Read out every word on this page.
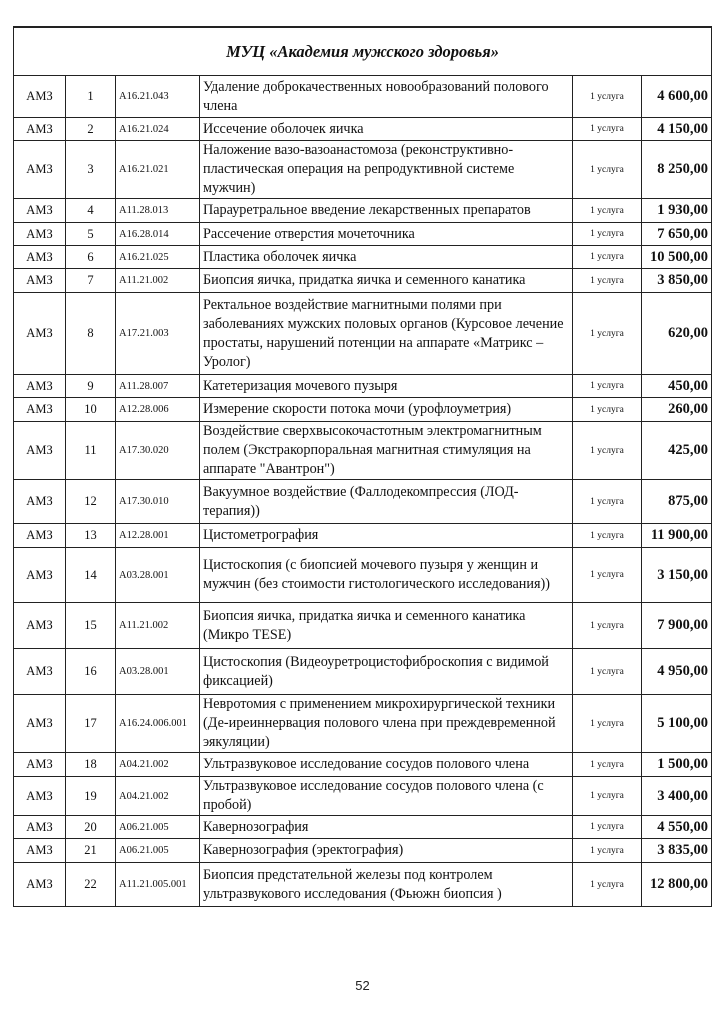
МУЦ «Академия мужского здоровья»					
АМЗ	1	A16.21.043	Удаление доброкачественных новообразований полового члена	1 услуга	4 600,00
АМЗ	2	A16.21.024	Иссечение оболочек яичка	1 услуга	4 150,00
АМЗ	3	A16.21.021	Наложение вазо-вазоанастомоза (реконструктивно-пластическая операция на репродуктивной системе мужчин)	1 услуга	8 250,00
АМЗ	4	A11.28.013	Парауретральное введение лекарственных препаратов	1 услуга	1 930,00
АМЗ	5	A16.28.014	Рассечение отверстия мочеточника	1 услуга	7 650,00
АМЗ	6	A16.21.025	Пластика оболочек яичка	1 услуга	10 500,00
АМЗ	7	A11.21.002	Биопсия яичка, придатка яичка и семенного канатика	1 услуга	3 850,00
АМЗ	8	A17.21.003	Ректальное воздействие магнитными полями при заболеваниях мужских половых органов (Курсовое лечение простаты, нарушений потенции на аппарате «Матрикс – Уролог)	1 услуга	620,00
АМЗ	9	A11.28.007	Катетеризация мочевого пузыря	1 услуга	450,00
АМЗ	10	A12.28.006	Измерение скорости потока мочи (урофлоуметрия)	1 услуга	260,00
АМЗ	11	A17.30.020	Воздействие сверхвысокочастотным электромагнитным полем (Экстракорпоральная магнитная стимуляция на аппарате "Авантрон")	1 услуга	425,00
АМЗ	12	A17.30.010	Вакуумное воздействие (Фаллодекомпрессия (ЛОД-терапия))	1 услуга	875,00
АМЗ	13	A12.28.001	Цистометрография	1 услуга	11 900,00
АМЗ	14	A03.28.001	Цистоскопия (с биопсией мочевого пузыря у женщин и мужчин (без стоимости гистологического исследования))	1 услуга	3 150,00
АМЗ	15	A11.21.002	Биопсия яичка, придатка яичка и семенного канатика (Микро TESE)	1 услуга	7 900,00
АМЗ	16	A03.28.001	Цистоскопия (Видеоуретроцистофиброскопия с видимой фиксацией)	1 услуга	4 950,00
АМЗ	17	A16.24.006.001	Невротомия с применением микрохирургической техники (Де-иреиннервация полового члена при преждевременной эякуляции)	1 услуга	5 100,00
АМЗ	18	A04.21.002	Ультразвуковое исследование сосудов полового члена	1 услуга	1 500,00
АМЗ	19	A04.21.002	Ультразвуковое исследование сосудов полового члена (с пробой)	1 услуга	3 400,00
АМЗ	20	A06.21.005	Кавернозография	1 услуга	4 550,00
АМЗ	21	A06.21.005	Кавернозография (эректография)	1 услуга	3 835,00
АМЗ	22	A11.21.005.001	Биопсия предстательной железы под контролем ультразвукового исследования (Фьюжн биопсия )	1 услуга	12 800,00
52
